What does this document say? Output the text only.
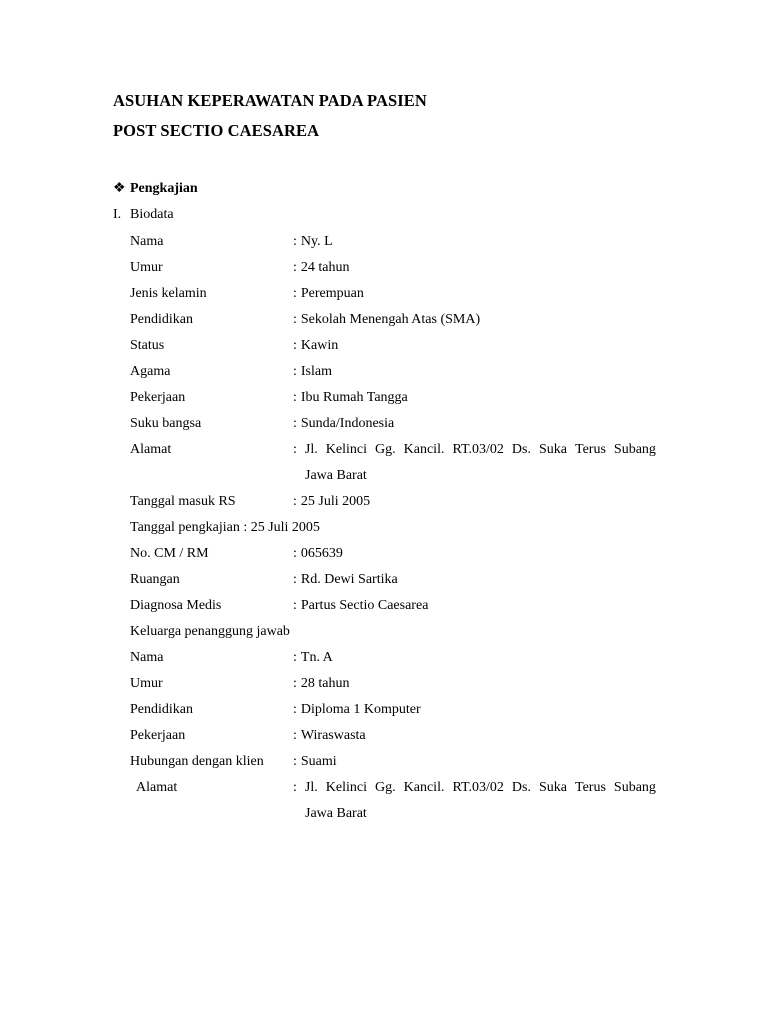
ASUHAN KEPERAWATAN PADA PASIEN
POST SECTIO CAESAREA
❖ Pengkajian
I. Biodata
Nama	: Ny. L
Umur	: 24 tahun
Jenis kelamin	: Perempuan
Pendidikan	: Sekolah Menengah Atas (SMA)
Status	: Kawin
Agama	: Islam
Pekerjaan	: Ibu Rumah Tangga
Suku bangsa	: Sunda/Indonesia
Alamat	: Jl. Kelinci Gg. Kancil. RT.03/02 Ds. Suka Terus Subang
Jawa Barat
Tanggal masuk RS	: 25 Juli 2005
Tanggal pengkajian : 25 Juli 2005
No. CM / RM	: 065639
Ruangan	: Rd. Dewi Sartika
Diagnosa Medis	: Partus Sectio Caesarea
Keluarga penanggung jawab
Nama	: Tn. A
Umur	: 28 tahun
Pendidikan	: Diploma 1 Komputer
Pekerjaan	: Wiraswasta
Hubungan dengan klien : Suami
Alamat	: Jl. Kelinci Gg. Kancil. RT.03/02 Ds. Suka Terus Subang
Jawa Barat
